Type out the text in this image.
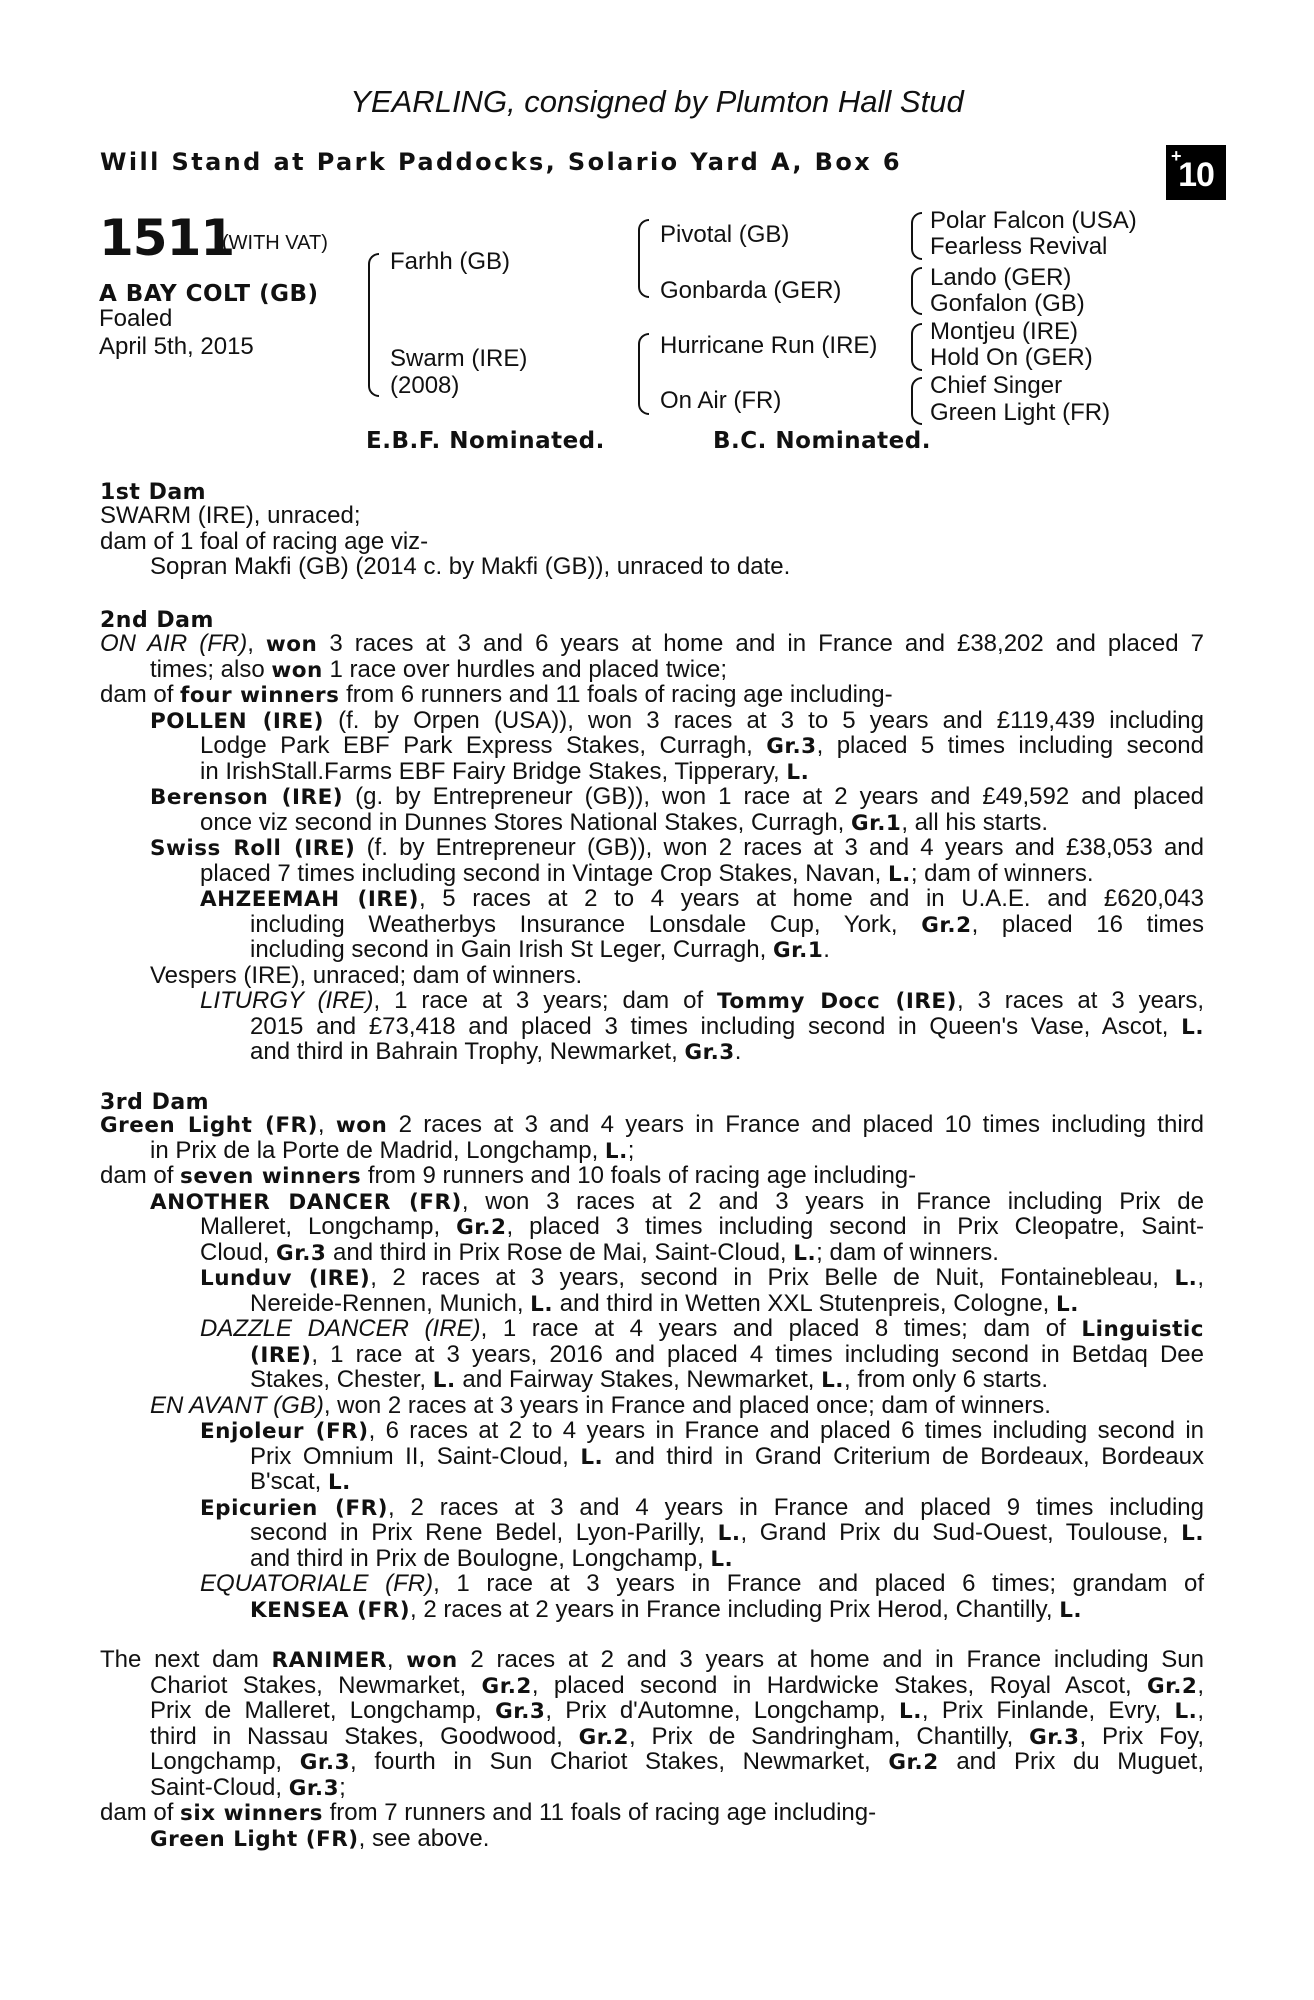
YEARLING, consigned by Plumton Hall Stud
Will Stand at Park Paddocks, Solario Yard A, Box 6	+
10
1511
(WITH VAT)
A BAY COLT (GB)
Foaled
April 5th, 2015
Farhh (GB)
Swarm (IRE)
(2008)
Pivotal (GB)
Gonbarda (GER)
Hurricane Run (IRE)
On Air (FR)
Polar Falcon (USA)
Fearless Revival
Lando (GER)
Gonfalon (GB)
Montjeu (IRE)
Hold On (GER)
Chief Singer
Green Light (FR)
E.B.F. Nominated.	B.C. Nominated.
1st Dam
SWARM (IRE), unraced;
dam of 1 foal of racing age viz-
Sopran Makfi (GB) (2014 c. by Makfi (GB)), unraced to date.
2nd Dam
ON AIR (FR), won 3 races at 3 and 6 years at home and in France and £38,202 and placed 7
times; also won 1 race over hurdles and placed twice;
dam of four winners from 6 runners and 11 foals of racing age including-
POLLEN (IRE) (f. by Orpen (USA)), won 3 races at 3 to 5 years and £119,439 including
Lodge Park EBF Park Express Stakes, Curragh, Gr.3, placed 5 times including second
in IrishStall.Farms EBF Fairy Bridge Stakes, Tipperary, L.
Berenson (IRE) (g. by Entrepreneur (GB)), won 1 race at 2 years and £49,592 and placed
once viz second in Dunnes Stores National Stakes, Curragh, Gr.1, all his starts.
Swiss Roll (IRE) (f. by Entrepreneur (GB)), won 2 races at 3 and 4 years and £38,053 and
placed 7 times including second in Vintage Crop Stakes, Navan, L.; dam of winners.
AHZEEMAH (IRE), 5 races at 2 to 4 years at home and in U.A.E. and £620,043
including Weatherbys Insurance Lonsdale Cup, York, Gr.2, placed 16 times
including second in Gain Irish St Leger, Curragh, Gr.1.
Vespers (IRE), unraced; dam of winners.
LITURGY (IRE), 1 race at 3 years; dam of Tommy Docc (IRE), 3 races at 3 years,
2015 and £73,418 and placed 3 times including second in Queen's Vase, Ascot, L.
and third in Bahrain Trophy, Newmarket, Gr.3.
3rd Dam
Green Light (FR), won 2 races at 3 and 4 years in France and placed 10 times including third
in Prix de la Porte de Madrid, Longchamp, L.;
dam of seven winners from 9 runners and 10 foals of racing age including-
ANOTHER DANCER (FR), won 3 races at 2 and 3 years in France including Prix de
Malleret, Longchamp, Gr.2, placed 3 times including second in Prix Cleopatre, Saint-
Cloud, Gr.3 and third in Prix Rose de Mai, Saint-Cloud, L.; dam of winners.
Lunduv (IRE), 2 races at 3 years, second in Prix Belle de Nuit, Fontainebleau, L.,
Nereide-Rennen, Munich, L. and third in Wetten XXL Stutenpreis, Cologne, L.
DAZZLE DANCER (IRE), 1 race at 4 years and placed 8 times; dam of Linguistic
(IRE), 1 race at 3 years, 2016 and placed 4 times including second in Betdaq Dee
Stakes, Chester, L. and Fairway Stakes, Newmarket, L., from only 6 starts.
EN AVANT (GB), won 2 races at 3 years in France and placed once; dam of winners.
Enjoleur (FR), 6 races at 2 to 4 years in France and placed 6 times including second in
Prix Omnium II, Saint-Cloud, L. and third in Grand Criterium de Bordeaux, Bordeaux
B'scat, L.
Epicurien (FR), 2 races at 3 and 4 years in France and placed 9 times including
second in Prix Rene Bedel, Lyon-Parilly, L., Grand Prix du Sud-Ouest, Toulouse, L.
and third in Prix de Boulogne, Longchamp, L.
EQUATORIALE (FR), 1 race at 3 years in France and placed 6 times; grandam of
KENSEA (FR), 2 races at 2 years in France including Prix Herod, Chantilly, L.
The next dam RANIMER, won 2 races at 2 and 3 years at home and in France including Sun
Chariot Stakes, Newmarket, Gr.2, placed second in Hardwicke Stakes, Royal Ascot, Gr.2,
Prix de Malleret, Longchamp, Gr.3, Prix d'Automne, Longchamp, L., Prix Finlande, Evry, L.,
third in Nassau Stakes, Goodwood, Gr.2, Prix de Sandringham, Chantilly, Gr.3, Prix Foy,
Longchamp, Gr.3, fourth in Sun Chariot Stakes, Newmarket, Gr.2 and Prix du Muguet,
Saint-Cloud, Gr.3;
dam of six winners from 7 runners and 11 foals of racing age including-
Green Light (FR), see above.
